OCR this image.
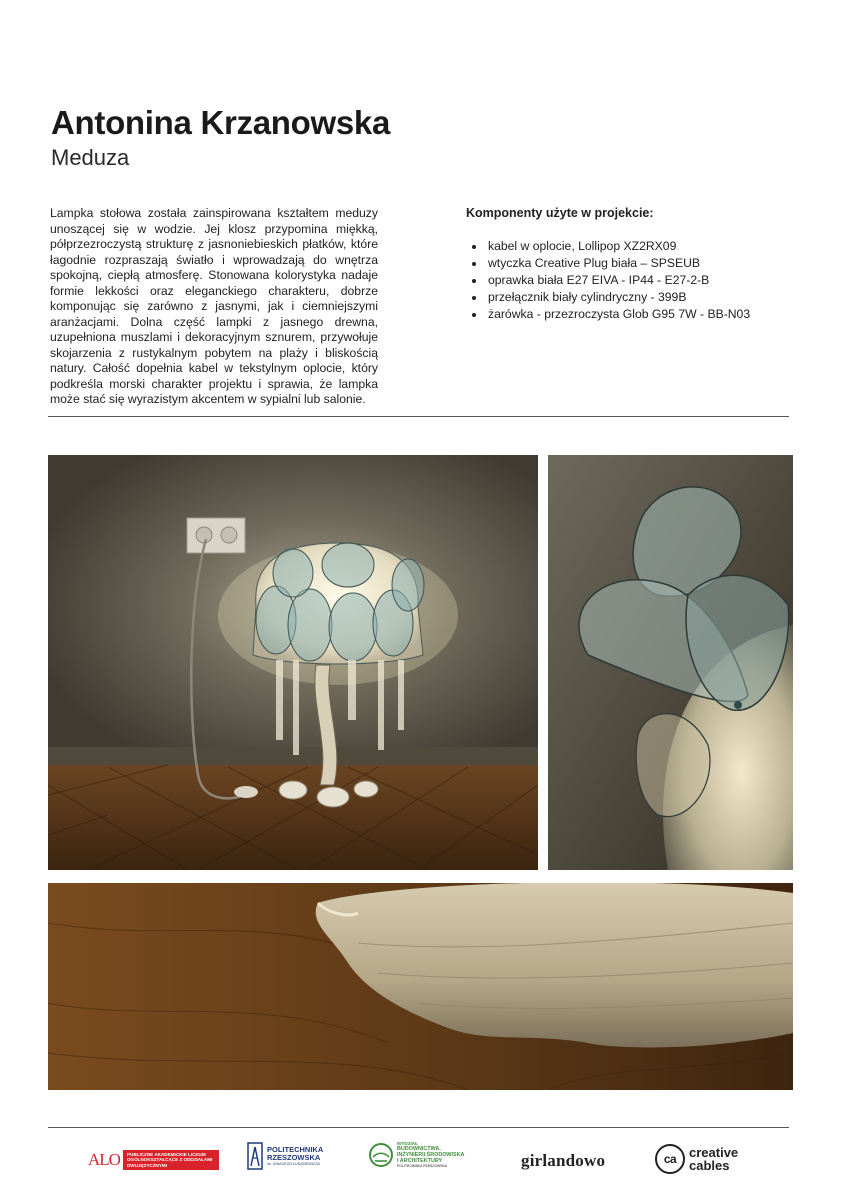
Antonina Krzanowska
Meduza
Lampka stołowa została zainspirowana kształtem meduzy unoszącej się w wodzie. Jej klosz przypomina miękką, półprzezroczystą strukturę z jasnoniebieskich płatków, które łagodnie rozpraszają światło i wprowadzają do wnętrza spokojną, ciepłą atmosferę. Stonowana kolorystyka nadaje formie lekkości oraz eleganckiego charakteru, dobrze komponując się zarówno z jasnymi, jak i ciemniejszymi aranżacjami. Dolna część lampki z jasnego drewna, uzupełniona muszlami i dekoracyjnym sznurem, przywołuje skojarzenia z rustykalnym pobytem na plaży i bliskością natury. Całość dopełnia kabel w tekstylnym oplocie, który podkreśla morski charakter projektu i sprawia, że lampka może stać się wyrazistym akcentem w sypialni lub salonie.
Komponenty użyte w projekcie:
• kabel w oplocie, Lollipop XZ2RX09
• wtyczka Creative Plug biała – SPSEUB
• oprawka biała E27 EIVA - IP44 - E27-2-B
• przełącznik biały cylindryczny - 399B
• żarówka - przezroczysta Glob G95 7W - BB-N03
ALO	PUBLICZNE AKADEMICKIE LICEUM OGÓLNOKSZTAŁCĄCE Z ODDZIAŁAMI DWUJĘZYCZNYMI
POLITECHNIKA
RZESZOWSKA
im. IGNACEGO ŁUKASIEWICZA
WYDZIAŁ
BUDOWNICTWA,
INŻYNIERII ŚRODOWISKA
I ARCHITEKTURY
POLITECHNIKA RZESZOWSKA	girlandowo	ca creative
cables
